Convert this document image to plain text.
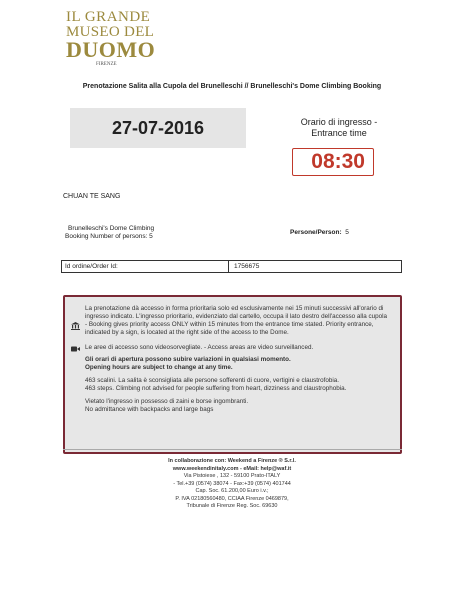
IL GRANDE
MUSEO DEL
DUOMO
FIRENZE
Prenotazione Salita alla Cupola del Brunelleschi // Brunelleschi's Dome Climbing Booking
27-07-2016	Orario di ingresso -
Entrance time
08:30
CHUAN TE SANG
Brunelleschi's Dome Climbing
Booking Number of persons: 5
Persone/Person: 5
Id ordine/Order Id:	1756675
La prenotazione dà accesso in forma prioritaria solo ed esclusivamente nei 15 minuti successivi all'orario di ingresso indicato. L'ingresso prioritario, evidenziato dal cartello, occupa il lato destro dell'accesso alla cupola - Booking gives priority access ONLY within 15 minutes from the entrance time stated. Priority entrance, indicated by a sign, is located at the right side of the access to the Dome.
Le aree di accesso sono videosorvegliate. - Access areas are video surveillanced.
Gli orari di apertura possono subire variazioni in qualsiasi momento.
Opening hours are subject to change at any time.
463 scalini. La salita è sconsigliata alle persone sofferenti di cuore, vertigini e claustrofobia.
463 steps. Climbing not advised for people suffering from heart, dizziness and claustrophobia.
Vietato l'ingresso in possesso di zaini e borse ingombranti.
No admittance with backpacks and large bags
In collaborazione con: Weekend a Firenze ® S.r.l.
www.weekendinitaly.com - eMail: help@waf.it
Via Pistoiese , 132 - 59100 Prato-ITALY
- Tel.+39 (0574) 38074 - Fax:+39 (0574) 401744
Cap. Soc. 61.200,00 Euro i.v.;
P. IVA 02180560480, CCIAA Firenze 0469879,
Tribunale di Firenze Reg. Soc. 69630
